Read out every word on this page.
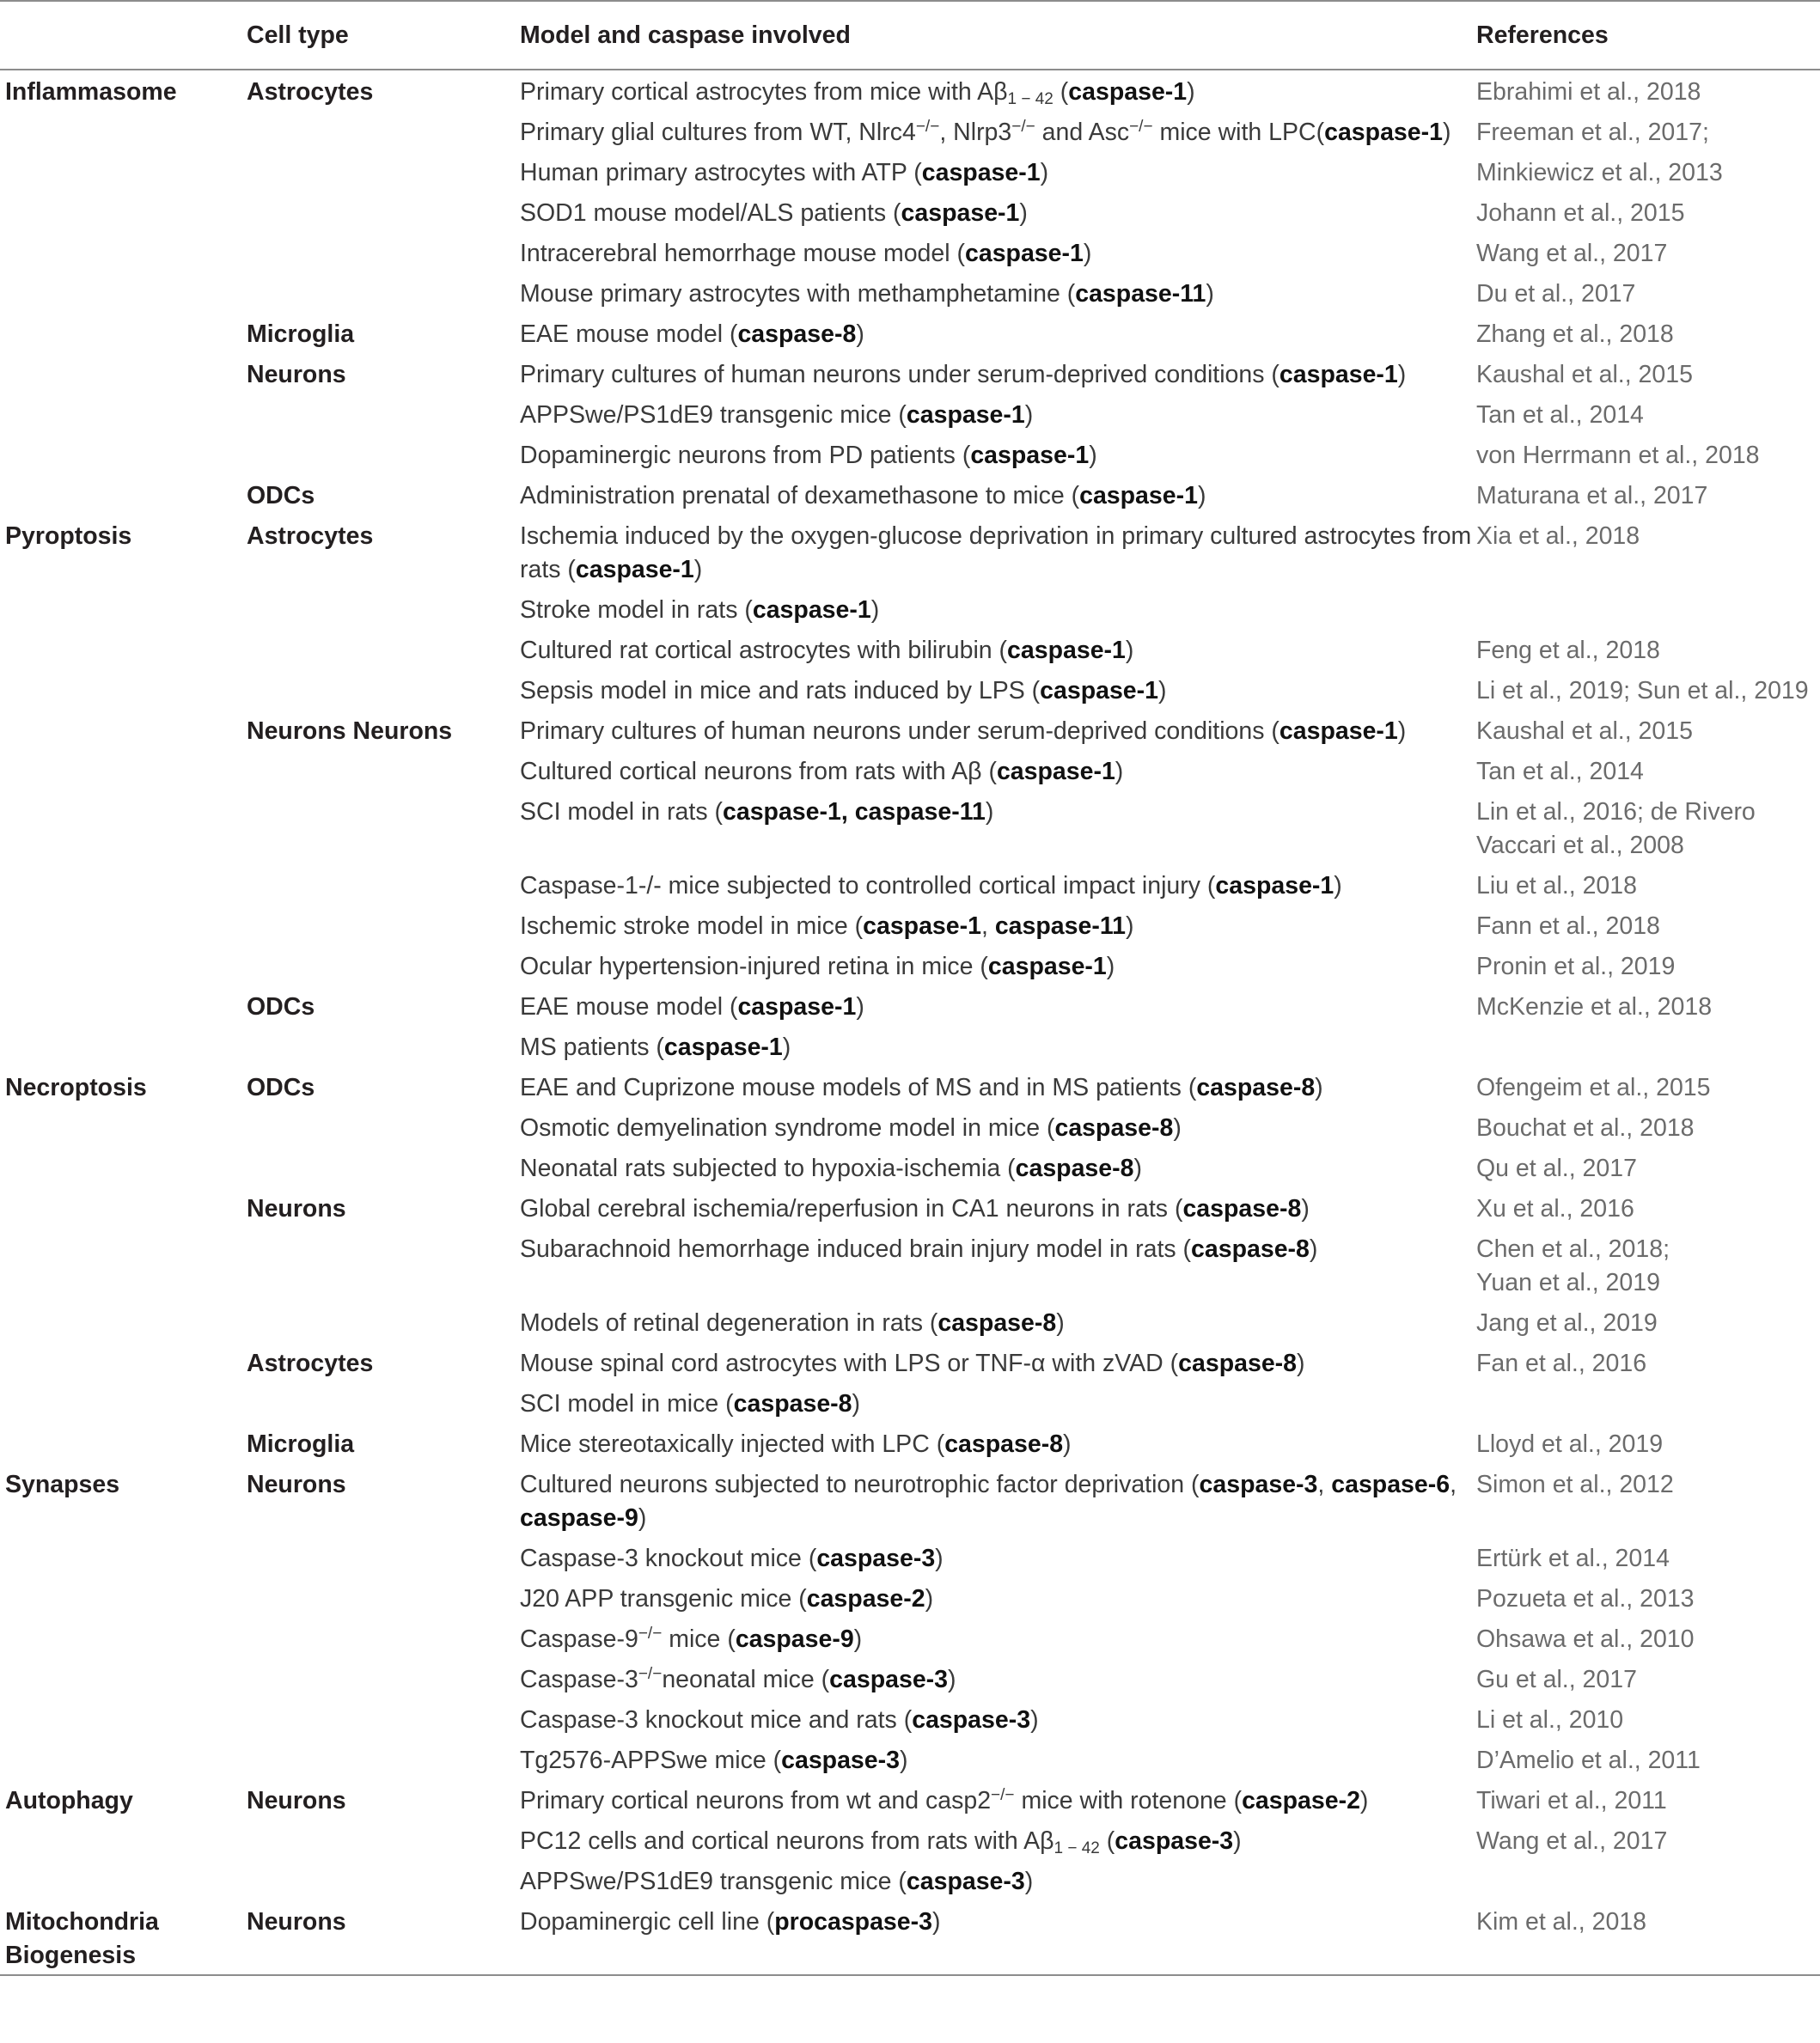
	Cell type	Model and caspase involved	References
Inflammasome	Astrocytes	Primary cortical astrocytes from mice with $A\beta_{1 - 42}$ (caspase-1)	Ebrahimi et al., 2018
		Primary glial cultures from WT, Nlrc4−/−, Nlrp3−/− and Asc−/− mice with LPC(caspase-1)	Freeman et al., 2017;
		Human primary astrocytes with ATP (caspase-1)	Minkiewicz et al., 2013
		SOD1 mouse model/ALS patients (caspase-1)	Johann et al., 2015
		Intracerebral hemorrhage mouse model (caspase-1)	Wang et al., 2017
		Mouse primary astrocytes with methamphetamine (caspase-11)	Du et al., 2017
	Microglia	EAE mouse model (caspase-8)	Zhang et al., 2018
	Neurons	Primary cultures of human neurons under serum-deprived conditions (caspase-1)	Kaushal et al., 2015
		APPSwe/PS1dE9 transgenic mice (caspase-1)	Tan et al., 2014
		Dopaminergic neurons from PD patients (caspase-1)	von Herrmann et al., 2018
	ODCs	Administration prenatal of dexamethasone to mice (caspase-1)	Maturana et al., 2017
Pyroptosis	Astrocytes	Ischemia induced by the oxygen-glucose deprivation in primary cultured astrocytes from rats (caspase-1)	Xia et al., 2018
		Stroke model in rats (caspase-1)	
		Cultured rat cortical astrocytes with bilirubin (caspase-1)	Feng et al., 2018
		Sepsis model in mice and rats induced by LPS (caspase-1)	Li et al., 2019; Sun et al., 2019
	Neurons Neurons	Primary cultures of human neurons under serum-deprived conditions (caspase-1)	Kaushal et al., 2015
		Cultured cortical neurons from rats with Aβ (caspase-1)	Tan et al., 2014
		SCI model in rats (caspase-1, caspase-11)	Lin et al., 2016; de Rivero Vaccari et al., 2008
		Caspase-1-/- mice subjected to controlled cortical impact injury (caspase-1)	Liu et al., 2018
		Ischemic stroke model in mice (caspase-1, caspase-11)	Fann et al., 2018
		Ocular hypertension-injured retina in mice (caspase-1)	Pronin et al., 2019
	ODCs	EAE mouse model (caspase-1)	McKenzie et al., 2018
		MS patients (caspase-1)	
Necroptosis	ODCs	EAE and Cuprizone mouse models of MS and in MS patients (caspase-8)	Ofengeim et al., 2015
		Osmotic demyelination syndrome model in mice (caspase-8)	Bouchat et al., 2018
		Neonatal rats subjected to hypoxia-ischemia (caspase-8)	Qu et al., 2017
	Neurons	Global cerebral ischemia/reperfusion in CA1 neurons in rats (caspase-8)	Xu et al., 2016
		Subarachnoid hemorrhage induced brain injury model in rats (caspase-8)	Chen et al., 2018;
Yuan et al., 2019
		Models of retinal degeneration in rats (caspase-8)	Jang et al., 2019
	Astrocytes	Mouse spinal cord astrocytes with LPS or TNF-α with zVAD (caspase-8)	Fan et al., 2016
		SCI model in mice (caspase-8)	
	Microglia	Mice stereotaxically injected with LPC (caspase-8)	Lloyd et al., 2019
Synapses	Neurons	Cultured neurons subjected to neurotrophic factor deprivation (caspase-3, caspase-6, caspase-9)	Simon et al., 2012
		Caspase-3 knockout mice (caspase-3)	Ertürk et al., 2014
		J20 APP transgenic mice (caspase-2)	Pozueta et al., 2013
		Caspase-9−/− mice (caspase-9)	Ohsawa et al., 2010
		Caspase-3−/−neonatal mice (caspase-3)	Gu et al., 2017
		Caspase-3 knockout mice and rats (caspase-3)	Li et al., 2010
		Tg2576-APPSwe mice (caspase-3)	D’Amelio et al., 2011
Autophagy	Neurons	Primary cortical neurons from wt and casp2−/− mice with rotenone (caspase-2)	Tiwari et al., 2011
		PC12 cells and cortical neurons from rats with $A\beta_{1 - 42}$ (caspase-3)	Wang et al., 2017
		APPSwe/PS1dE9 transgenic mice (caspase-3)	
Mitochondria Biogenesis	Neurons	Dopaminergic cell line (procaspase-3)	Kim et al., 2018
